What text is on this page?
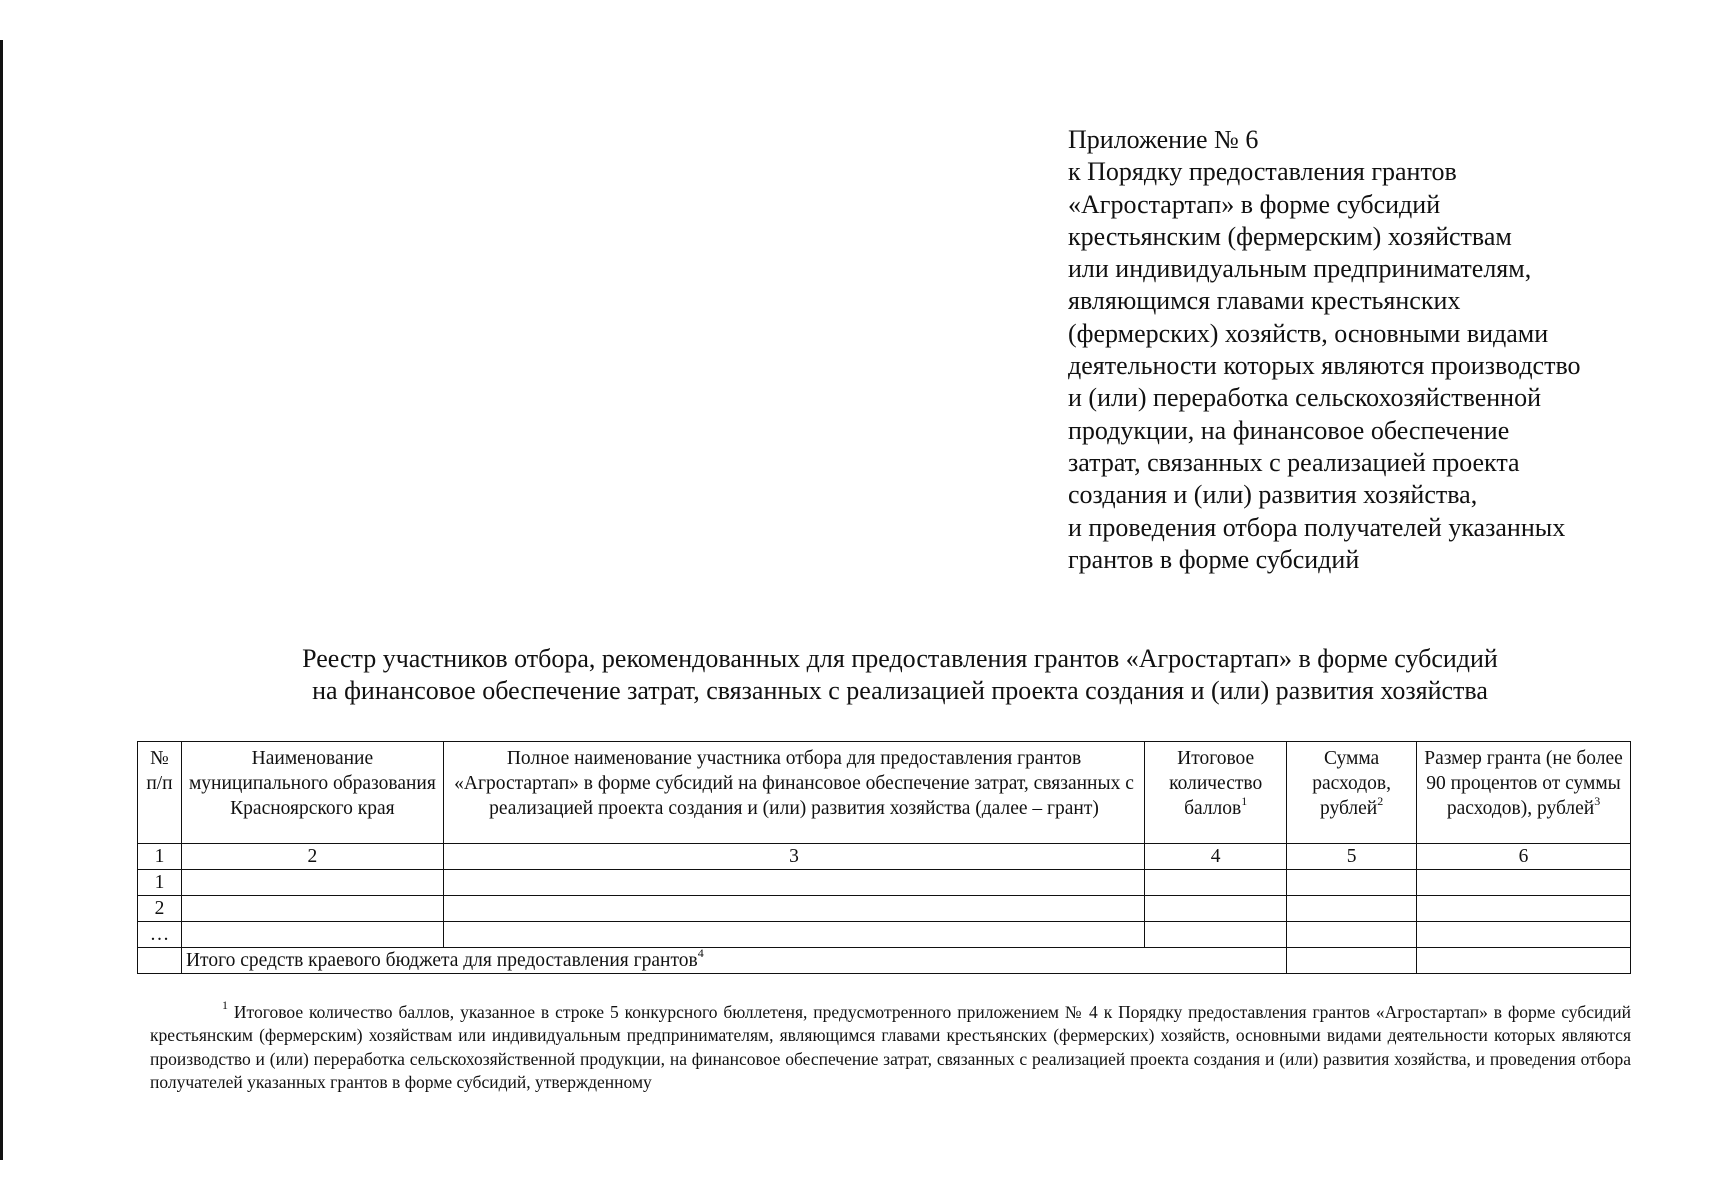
Приложение № 6
к Порядку предоставления грантов
«Агростартап» в форме субсидий
крестьянским (фермерским) хозяйствам
или индивидуальным предпринимателям,
являющимся главами крестьянских
(фермерских) хозяйств, основными видами
деятельности которых являются производство
и (или) переработка сельскохозяйственной
продукции, на финансовое обеспечение
затрат, связанных с реализацией проекта
создания и (или) развития хозяйства,
и проведения отбора получателей указанных
грантов в форме субсидий
Реестр участников отбора, рекомендованных для предоставления грантов «Агростартап» в форме субсидий
на финансовое обеспечение затрат, связанных с реализацией проекта создания и (или) развития хозяйства
№ п/п	Наименование муниципального образования Красноярского края	Полное наименование участника отбора для предоставления грантов «Агростартап» в форме субсидий на финансовое обеспечение затрат, связанных с реализацией проекта создания и (или) развития хозяйства (далее – грант)	Итоговое количество баллов$^1$	Сумма расходов, рублей$^2$	Размер гранта (не более 90 процентов от суммы расходов), рублей$^3$
1	2	3	4	5	6
1					
2					
…					
	Итого средств краевого бюджета для предоставления грантов$^4$		
$^1$ Итоговое количество баллов, указанное в строке 5 конкурсного бюллетеня, предусмотренного приложением № 4 к Порядку предоставления грантов «Агростартап» в форме субсидий крестьянским (фермерским) хозяйствам или индивидуальным предпринимателям, являющимся главами крестьянских (фермерских) хозяйств, основными видами деятельности которых являются производство и (или) переработка сельскохозяйственной продукции, на финансовое обеспечение затрат, связанных с реализацией проекта создания и (или) развития хозяйства, и проведения отбора получателей указанных грантов в форме субсидий, утвержденному
